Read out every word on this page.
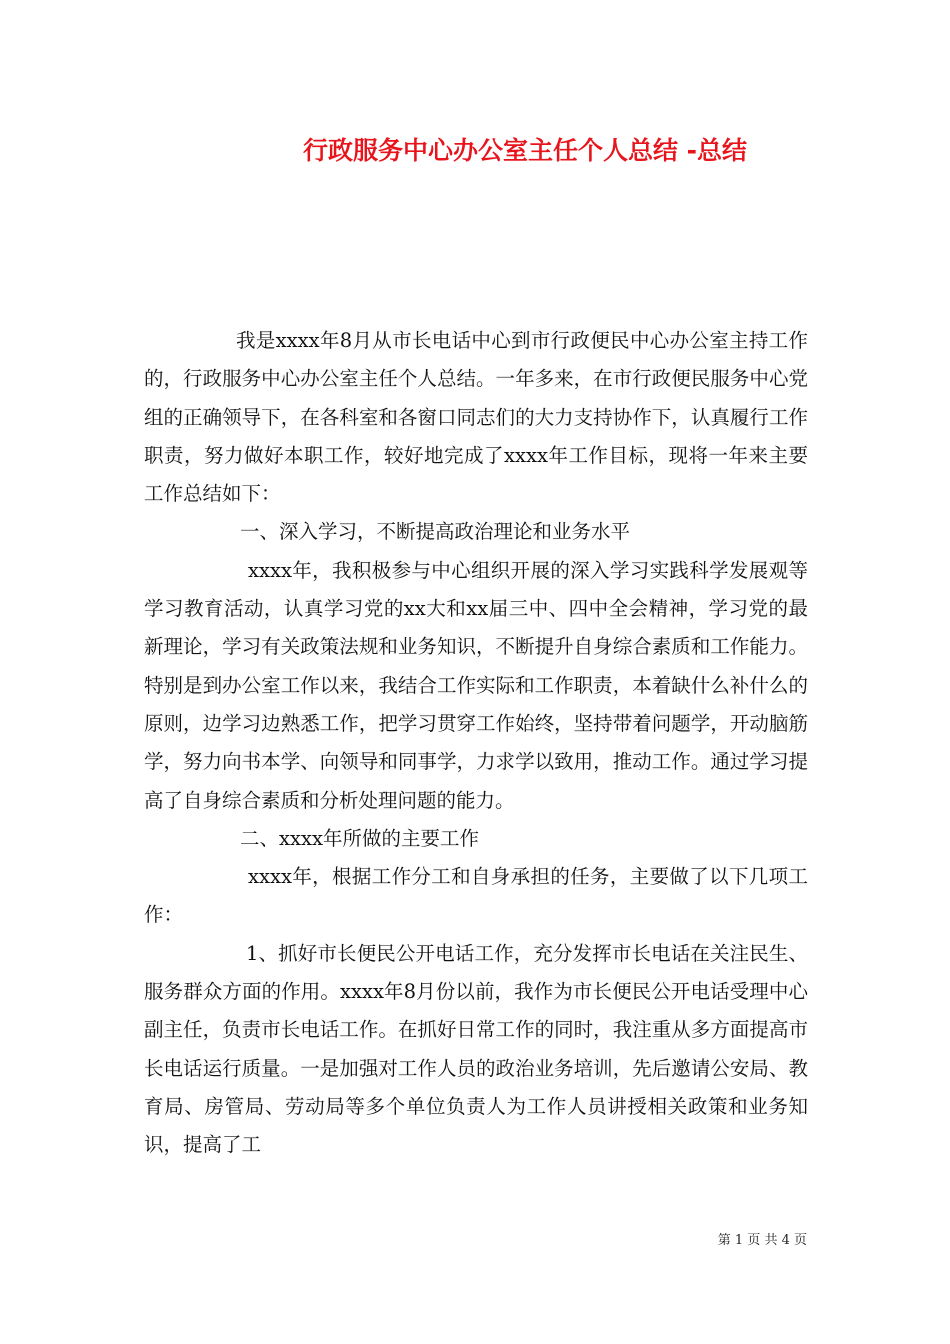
行政服务中心办公室主任个人总结 -总结

我是xxxx年8月从市长电话中心到市行政便民中心办公室主持工作的，行政服务中心办公室主任个人总结。一年多来，在市行政便民服务中心党组的正确领导下，在各科室和各窗口同志们的大力支持协作下，认真履行工作职责，努力做好本职工作，较好地完成了xxxx年工作目标，现将一年来主要工作总结如下：

一、深入学习，不断提高政治理论和业务水平

xxxx年，我积极参与中心组织开展的深入学习实践科学发展观等学习教育活动，认真学习党的xx大和xx届三中、四中全会精神，学习党的最新理论，学习有关政策法规和业务知识，不断提升自身综合素质和工作能力。特别是到办公室工作以来，我结合工作实际和工作职责，本着缺什么补什么的原则，边学习边熟悉工作，把学习贯穿工作始终，坚持带着问题学，开动脑筋学，努力向书本学、向领导和同事学，力求学以致用，推动工作。通过学习提高了自身综合素质和分析处理问题的能力。

二、xxxx年所做的主要工作

xxxx年，根据工作分工和自身承担的任务，主要做了以下几项工作：

1、抓好市长便民公开电话工作，充分发挥市长电话在关注民生、服务群众方面的作用。xxxx年8月份以前，我作为市长便民公开电话受理中心副主任，负责市长电话工作。在抓好日常工作的同时，我注重从多方面提高市长电话运行质量。一是加强对工作人员的政治业务培训，先后邀请公安局、教育局、房管局、劳动局等多个单位负责人为工作人员讲授相关政策和业务知识，提高了工

第 1 页 共 4 页
